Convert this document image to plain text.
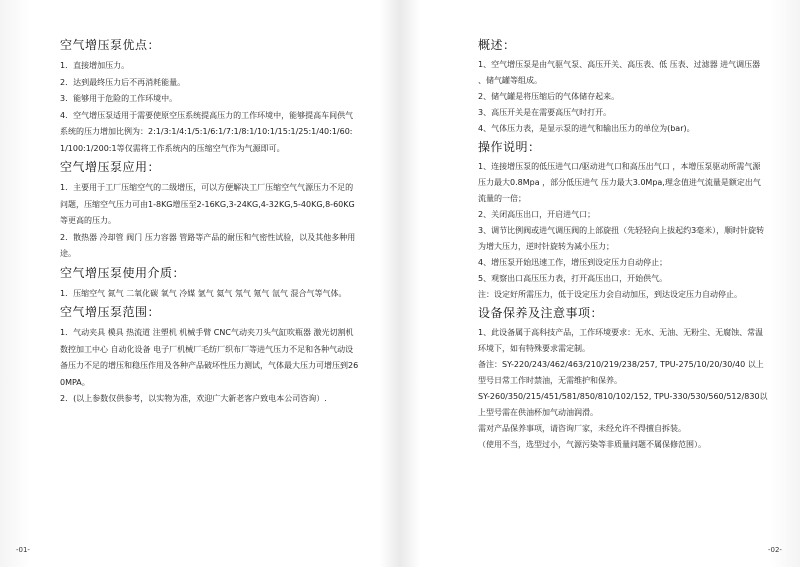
空气增压泵优点：

1．直接增加压力。

2．达到最终压力后不再消耗能量。

3．能够用于危险的工作环境中。

4．空气增压泵适用于需要使原空压系统提高压力的工作环境中，能够提高车间供气系统的压力增加比例为：2:1/3:1/4:1/5:1/6:1/7:1/8:1/10:1/15:1/25:1/40:1/60:1/100:1/200:1等仅需将工作系统内的压缩空气作为气源即可。

空气增压泵应用：

1．主要用于工厂压缩空气的二级增压，可以方便解决工厂压缩空气气源压力不足的问题，压缩空气压力可由1-8KG增压至2-16KG,3-24KG,4-32KG,5-40KG,8-60KG等更高的压力。

2．散热器 冷却管 阀门 压力容器 管路等产品的耐压和气密性试验，以及其他多种用途。

空气增压泵使用介质：

1．压缩空气 氮气 二氧化碳 氧气 冷媒 氩气 氦气 氖气 氪气 氙气 混合气等气体。

空气增压泵范围：

1．气动夹具 模具 热流道 注塑机 机械手臂 CNC气动夹刀头气缸吹瓶器 激光切割机 数控加工中心 自动化设备 电子厂机械厂毛纺厂织布厂等进气压力不足和各种气动设备压力不足的增压和稳压作用及各种产品破坏性压力测试，气体最大压力可增压到260MPA。

2．(以上参数仅供参考，以实物为准，欢迎广大新老客户致电本公司咨询）.

概述：

1、空气增压泵是由气驱气泵、高压开关、高压表、低 压表、过滤器 进气调压器 、储气罐等组成。

2、储气罐是将压缩后的气体储存起来。

3、高压开关是在需要高压气时打开。

4、气体压力表，是显示泵的进气和输出压力的单位为(bar)。

操作说明：

1、连接增压泵的低压进气口/驱动进气口和高压出气口 ，本增压泵驱动所需气源压力最大0.8Mpa ，部分低压进气 压力最大3.0Mpa,理念值进气流量是额定出气流量的一倍；

2、关闭高压出口，开启进气口；

3、调节比例阀或进气调压阀的上部旋扭（先轻轻向上拔起约3毫米），顺时针旋转为增大压力，逆时针旋转为减小压力；

4、增压泵开始迅速工作，增压到设定压力自动停止；

5、观察出口高压压力表，打开高压出口，开始供气。

注：设定好所需压力，低于设定压力会自动加压，到达设定压力自动停止。

设备保养及注意事项：

1、此设备属于高科技产品，工作环境要求：无水、无油、无粉尘、无腐蚀、常温环境下，如有特殊要求需定制。

备注：SY-220/243/462/463/210/219/238/257, TPU-275/10/20/30/40 以上型号日常工作时禁油，无需维护和保养。

SY-260/350/215/451/581/850/810/102/152, TPU-330/530/560/512/830以上型号需在供油杯加气动油润滑。

需对产品保养事项，请咨询厂家，未经允许不得擅自拆装。

（使用不当，选型过小，气源污染等非质量问题不属保修范围）。

-01-	-02-
